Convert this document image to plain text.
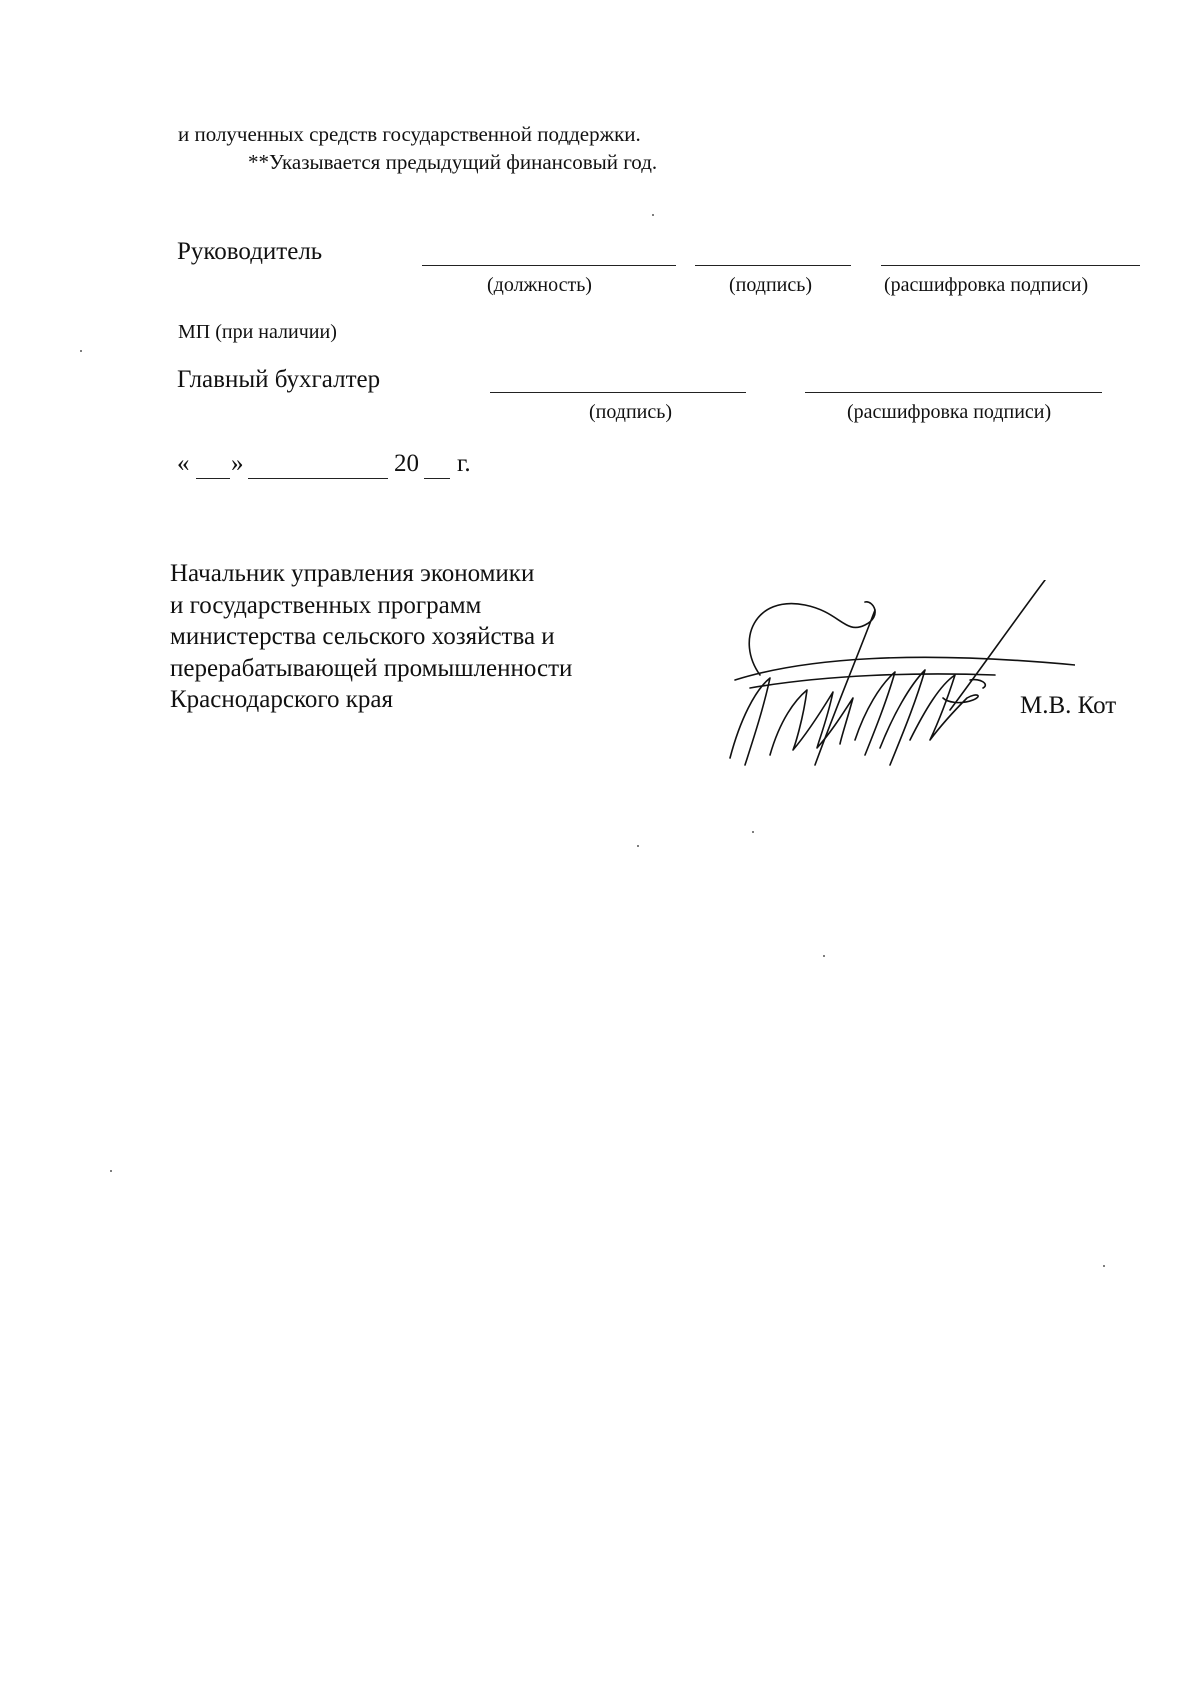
и полученных средств государственной поддержки.
**Указывается предыдущий финансовый год.
Руководитель
(должность)	(подпись)	(расшифровка подписи)
МП (при наличии)
Главный бухгалтер
(подпись)	(расшифровка подписи)
« »	20 г.
Начальник управления экономики
и государственных программ
министерства сельского хозяйства и
перерабатывающей промышленности
Краснодарского края	М.В. Кот
